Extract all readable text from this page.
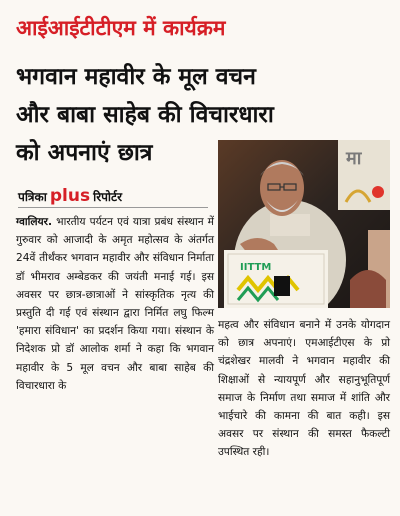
आईआईटीटीएम में कार्यक्रम
भगवान महावीर के मूल वचन
और बाबा साहेब की विचारधारा
को अपनाएं छात्र
पत्रिका plus रिपोर्टर
मा
IITTM
ग्वालियर. भारतीय पर्यटन एवं यात्रा प्रबंध संस्थान में गुरुवार को आजादी के अमृत महोत्सव के अंतर्गत 24वें तीर्थंकर भगवान महावीर और संविधान निर्माता डॉ भीमराव अम्बेडकर की जयंती मनाई गई। इस अवसर पर छात्र-छात्राओं ने सांस्कृतिक नृत्य की प्रस्तुति दी गई एवं संस्थान द्वारा निर्मित लघु फिल्म 'हमारा संविधान' का प्रदर्शन किया गया। संस्थान के निदेशक प्रो डॉ आलोक शर्मा ने कहा कि भगवान महावीर के 5 मूल वचन और बाबा साहेब की विचारधारा के
महत्व और संविधान बनाने में उनके योगदान को छात्र अपनाएं। एमआईटीएस के प्रो चंद्रशेखर मालवी ने भगवान महावीर की शिक्षाओं से न्यायपूर्ण और सहानुभूतिपूर्ण समाज के निर्माण तथा समाज में शांति और भाईचारे की कामना की बात कही। इस अवसर पर संस्थान की समस्त फैकल्टी उपस्थित रही।
